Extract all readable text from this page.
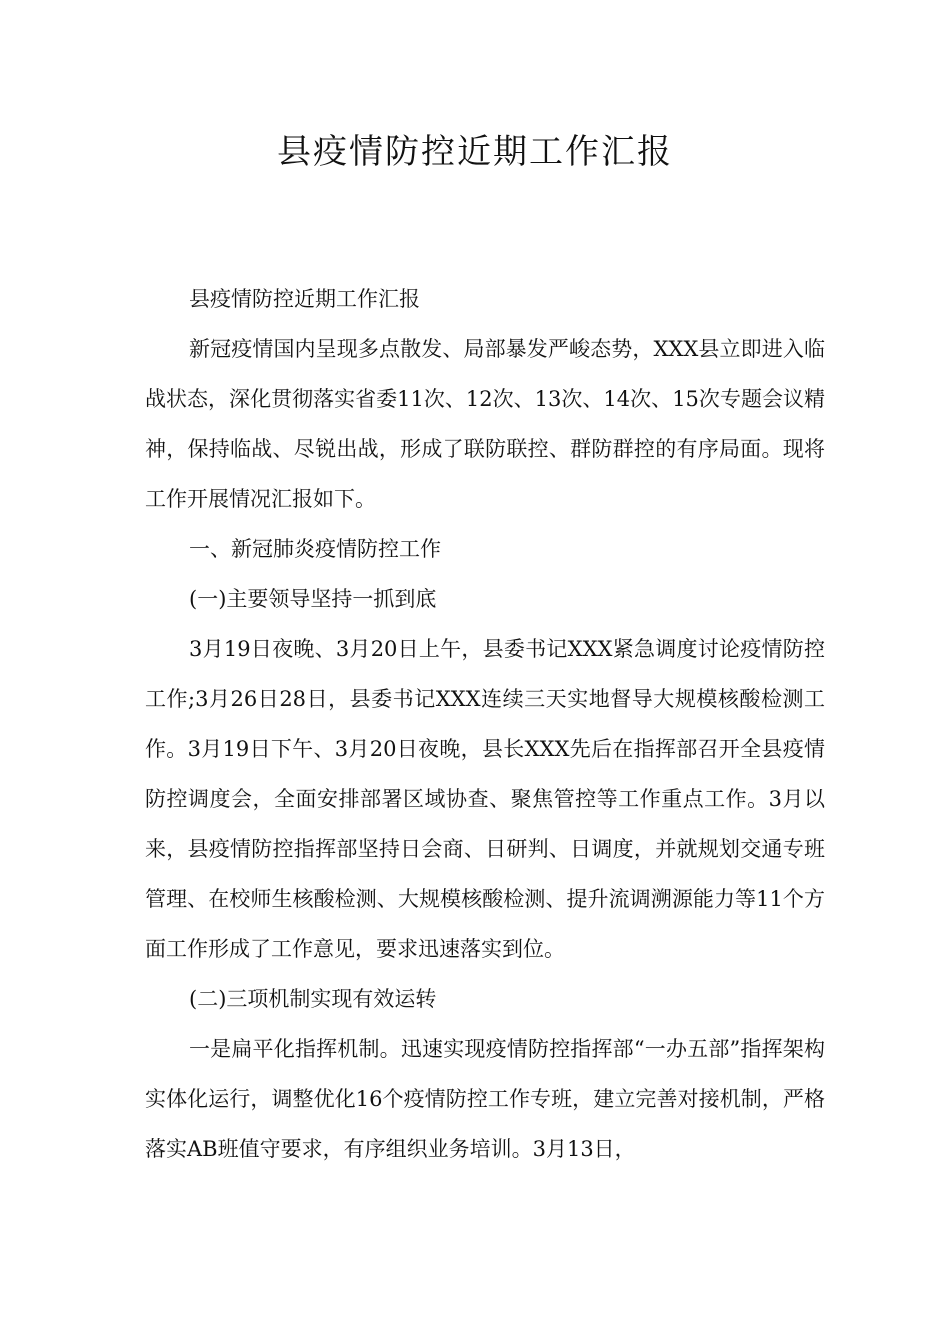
县疫情防控近期工作汇报

县疫情防控近期工作汇报

新冠疫情国内呈现多点散发、局部暴发严峻态势，XXX县立即进入临战状态，深化贯彻落实省委11次、12次、13次、14次、15次专题会议精神，保持临战、尽锐出战，形成了联防联控、群防群控的有序局面。现将工作开展情况汇报如下。

一、新冠肺炎疫情防控工作

(一)主要领导坚持一抓到底

3月19日夜晚、3月20日上午，县委书记XXX紧急调度讨论疫情防控工作;3月26日28日，县委书记XXX连续三天实地督导大规模核酸检测工作。3月19日下午、3月20日夜晚，县长XXX先后在指挥部召开全县疫情防控调度会，全面安排部署区域协查、聚焦管控等工作重点工作。3月以来，县疫情防控指挥部坚持日会商、日研判、日调度，并就规划交通专班管理、在校师生核酸检测、大规模核酸检测、提升流调溯源能力等11个方面工作形成了工作意见，要求迅速落实到位。

(二)三项机制实现有效运转

一是扁平化指挥机制。迅速实现疫情防控指挥部“一办五部”指挥架构实体化运行，调整优化16个疫情防控工作专班，建立完善对接机制，严格落实AB班值守要求，有序组织业务培训。3月13日，
